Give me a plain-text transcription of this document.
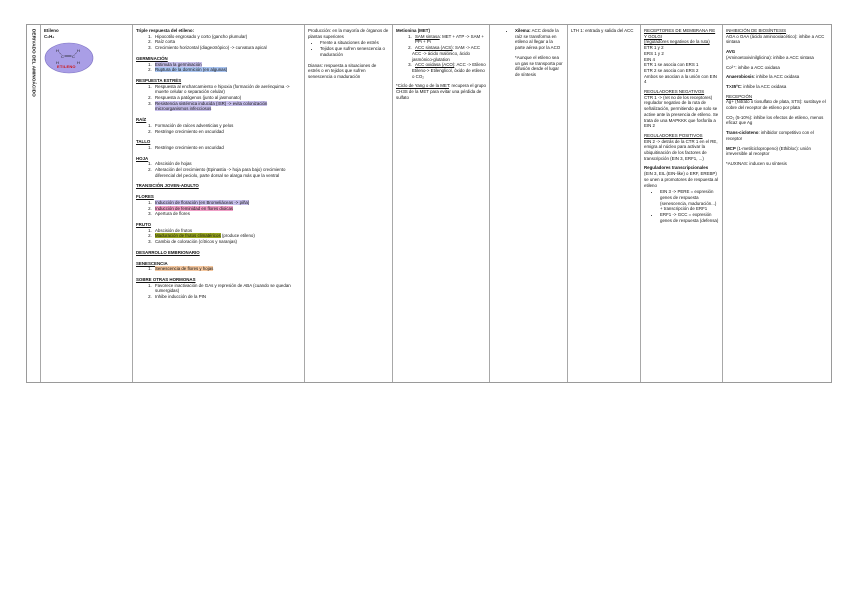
DERIVADO DEL AMINOÁCIDO Etileno
C₂H₄
H	H
C C
H	H
ETILENO
Triple respuesta del etileno:
1. Hipocotilo engrosado y corto (gancho plumular)
2. Raíz corta
3. Crecimiento horizontal (diageotrópico) -> curvatura apical
GERMINACIÓN
1. Estimula la germinación
2. Ruptura de la dormición (en algunas)
RESPUESTA ESTRÉS
1. Respuesta al encharcamiento e hipoxia (formación de aerénquima -> muerte celular o separación celular)
2. Respuesta a patógenos (junto al jasmonato)
3. Resistencia sistémica inducida (ISR) -> evita colonización microorganismos infecciosos
RAÍZ
1. Formación de raíces adventicias y pelos
2. Restringe crecimiento en oscuridad
TALLO
1. Restringe crecimiento en oscuridad
HOJA
1. Abscisión de hojas
2. Alteración del crecimiento (Epinastia -> hoja para bajo) crecimiento diferencial del peciolo, parte dorsal se alarga más que la ventral
TRANSICIÓN JOVEN-ADULTO
FLORES
1. Inducción de floración (en Bromeliáceas -> piña)
2. Inducción de feminidad en flores dioicas
3. Apertura de flores
FRUTO
1. Abscisión de frutos
2. Maduración de frutos climatéricos (produce etileno)
3. Cambio de coloración (cítricos y naranjas)
DESARROLLO EMBRIONARIO
SENESCENCIA
1. Senescencia de flores y hojas
SOBRE OTRAS HORMONAS
1. Favorece inactivación de GAs y represión de ABA (cuando se quedan sumergidas)
2. Inhibe inducción de la PIN
Producción: en la mayoría de órganos de plantas superiores
• Frente a situaciones de estrés
• Tejidos que sufren senescencia o maduración
Dianas: respuesta a situaciones de estrés o en tejidos que sufren senescencia o maduración
Metionina (MET)
1. SAM sintasa: MET + ATP -> SAM + PPi + Pi
2. ACC sintasa (ACS): SAM -> ACC
ACC -> ácido malónico, ácido jasmónico-glutation
3. ACC oxidasa (ACO): ACC -> Etileno
Etileno-> Etilenglicol, óxido de etileno o CO₂
*Ciclo de Yang o de la MET: recupera el grupo CH3S de la MET para evitar una pérdida de sulfato
• Xilema: ACC desde la raíz se transforma en etileno al llegar a la parte aérea por la ACO
*Aunque el etileno sea un gas se transporta por difusión desde el lugar de síntesis
LTH 1: entrada y salida del ACC	RECEPTORES DE MEMBRANA RE Y GOLGI
(reguladores negativos de la ruta)
ETR 1 y 2
ERS 1 y 2
EIN 4
ETR 1 se asocia con ERS 1
ETR 2 se asocia con ERS 2
Ambos se asocian a la unión con EIN 4
REGULADORES NEGATIVOS
CTR 1 -> (ret no de los receptores) regulador negativo de la ruta de señalización, permitiendo que solo se active ante la presencia de etileno. Se trata de una MAPKKK que fosforila a EIN 2
REGULADORES POSITIVOS
EIN 2 -> detrás de la CTR 1 en el RE, emigra al núcleo para activar la ubiquitinación de los factores de transcripción (EIN 3, ERF1, ...)
Reguladores transcripcionales
(EIN 3, EIL (EIN-like) o ERF, EREBP) se unen a promotores de respuesta al etileno
• EIN 3 -> PERE = expresión genes de respuesta (senescencia, maduración...) + transcripción de ERF1
• ERF1 -> GCC = expresión genes de respuesta (defensa)
INHIBICIÓN DE BIOSÍNTESIS
AOA o OAA (ácido aminooxiacético): inhibe a ACC sintasa
AVG
(Aminoetoxivinilglicina): inhibe a ACC sintasa
Co²⁺: inhibe a ACC oxidasa
Anaerobiosis: inhibe la ACC oxidasa
T>35ºC: inhibe la ACC oxidasa
RECEPCIÓN
Ag+ (Nitrato o tiosulfato de plata, STS): sustituye el cobre del receptor de etileno por plata
CO₂ (5-10%): inhibe los efectos de etileno, menos eficaz que Ag
Trans-cicloteno: inhibidor competitivo con el receptor
MCP (1-metilciclopropeno) (Ethibloc): unión irreversible al receptor
*AUXINAS: inducen su síntesis
